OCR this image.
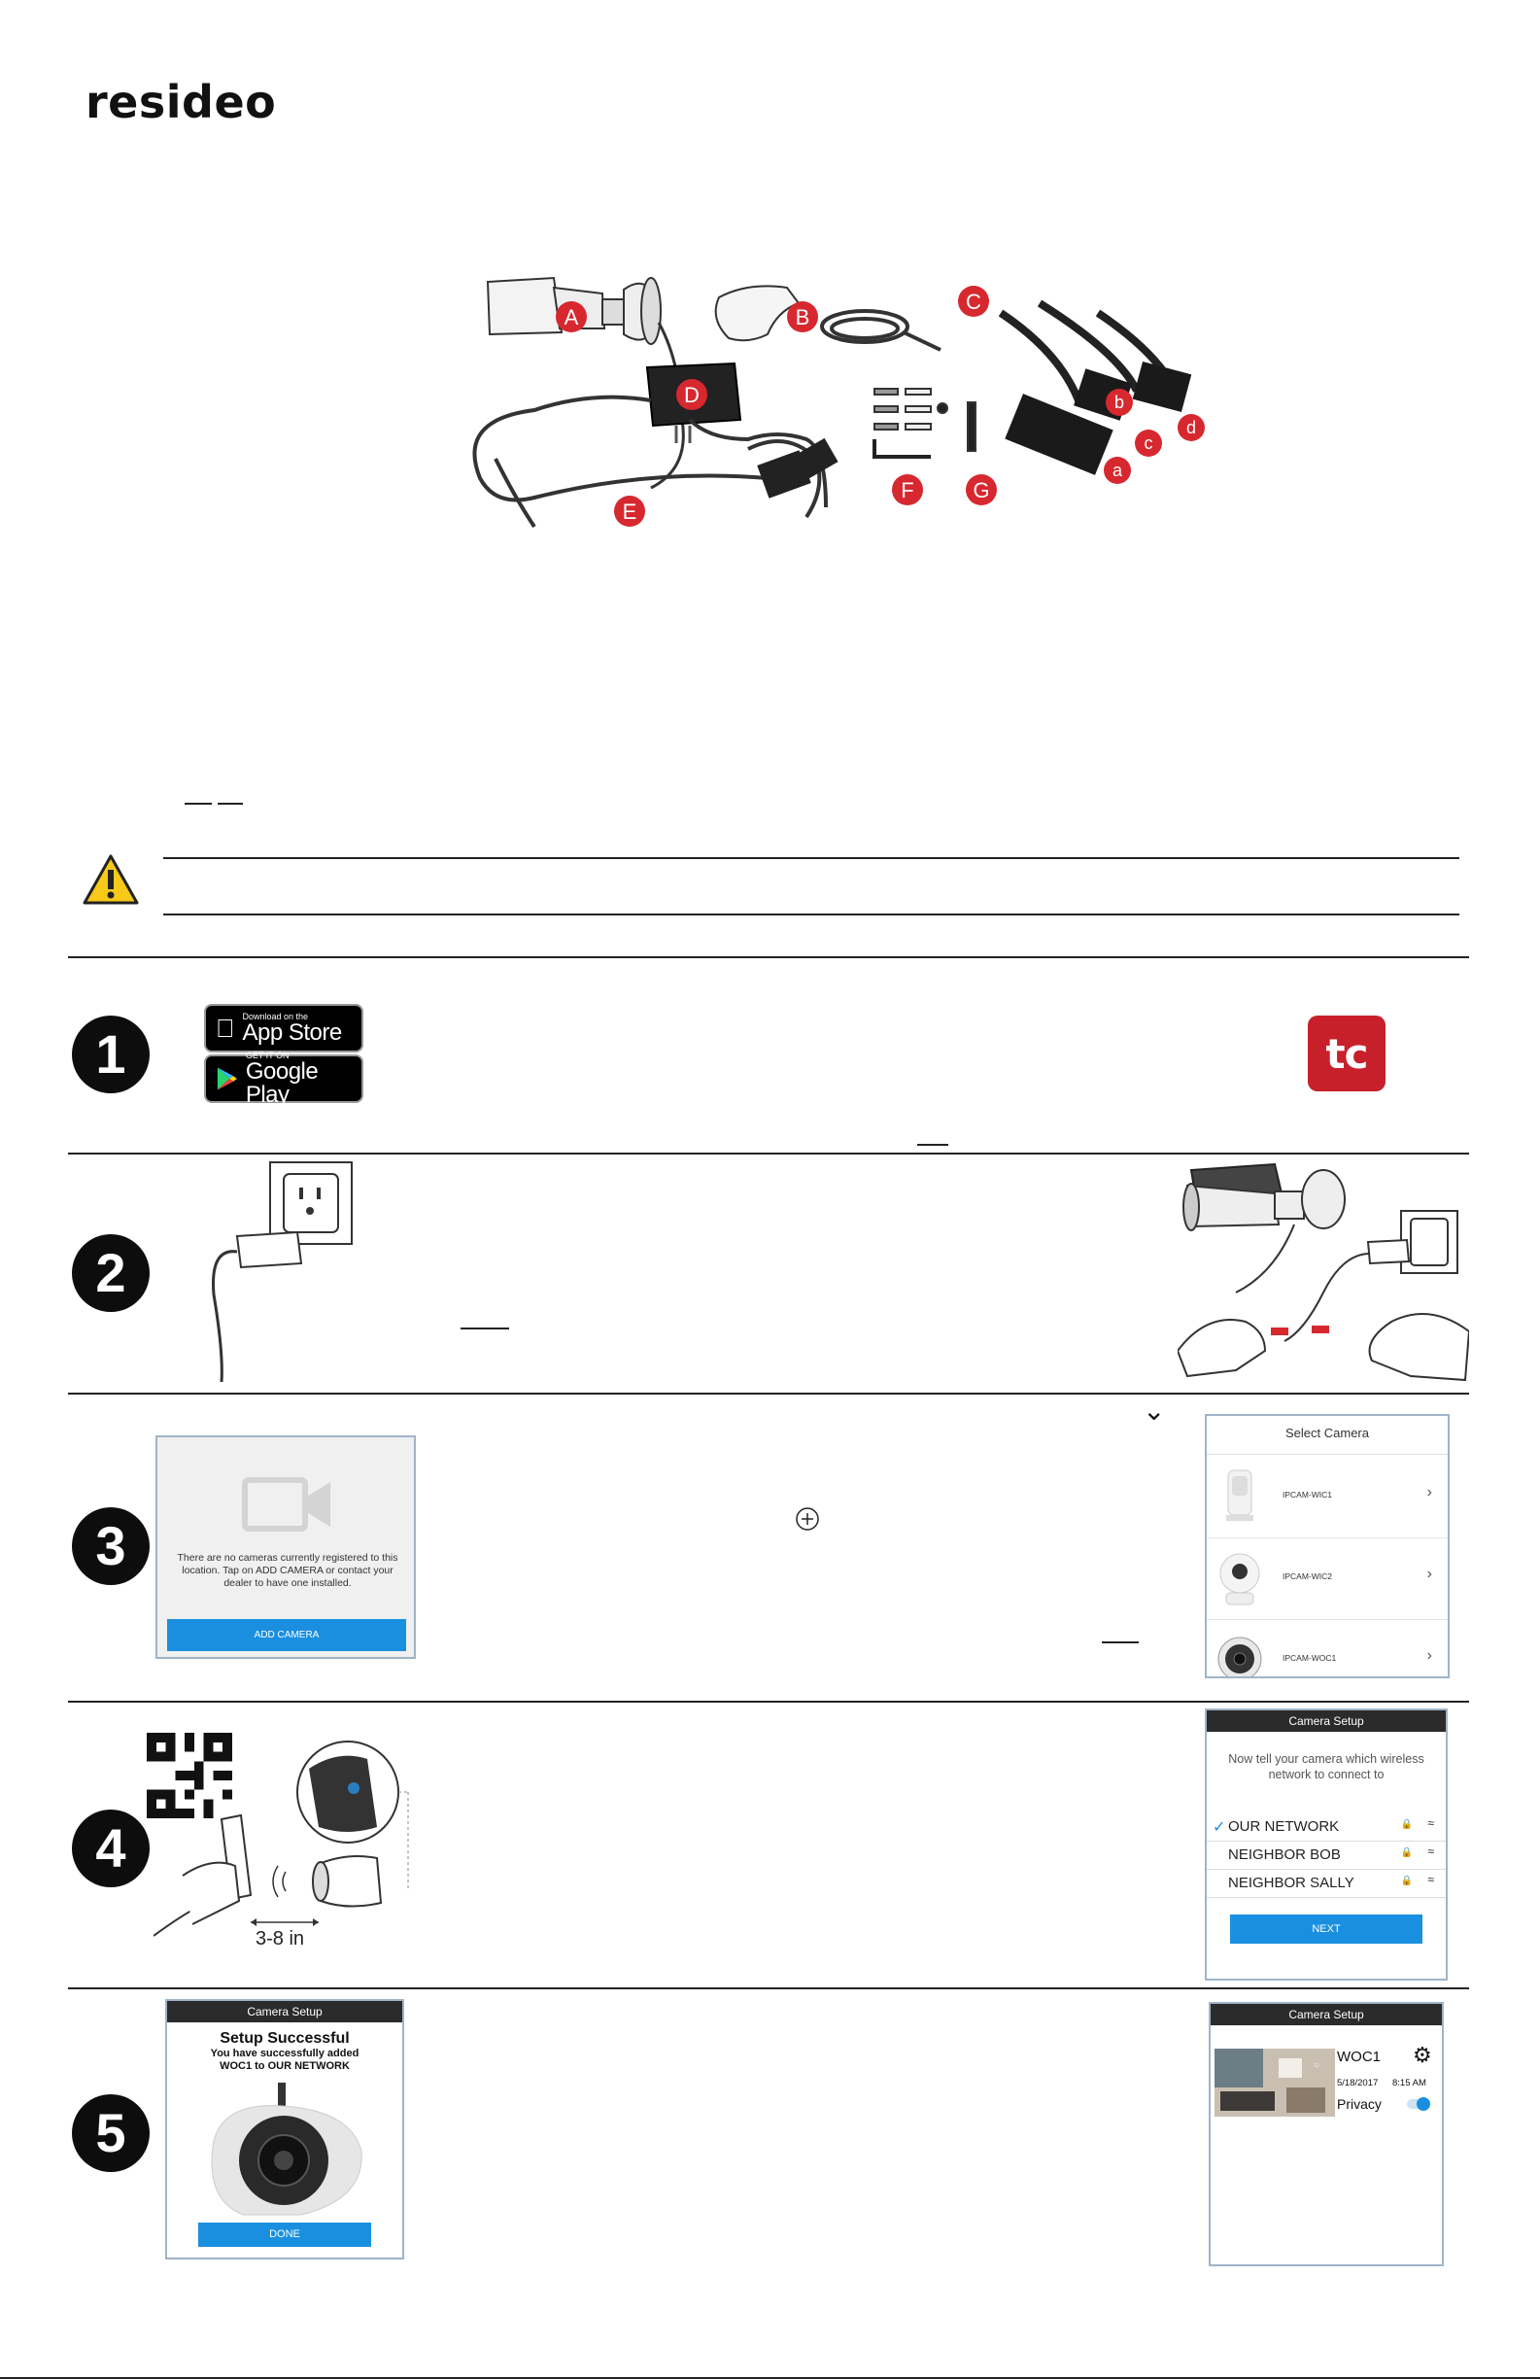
resideo
A	B
C
D
E
F	G
b
c
d
a
1
Download on the
App Store
GET IT ON
Google Play
tc
2
3	There are no cameras currently registered to this location. Tap on ADD CAMERA or contact your dealer to have one installed.
ADD CAMERA
⌄
Select Camera
IPCAM-WIC1	›
IPCAM-WIC2	›
IPCAM-WOC1	›
4
3-8 in
Camera Setup
Now tell your camera which wireless network to connect to
✓ OUR NETWORK	🔒 ≈
NEIGHBOR BOB	🔒 ≈
NEIGHBOR SALLY	🔒 ≈
NEXT
5
Camera Setup
Setup Successful
You have successfully added
WOC1 to OUR NETWORK
DONE
Camera Setup
○
WOC1 ⚙
5/18/2017 8:15 AM
Privacy
